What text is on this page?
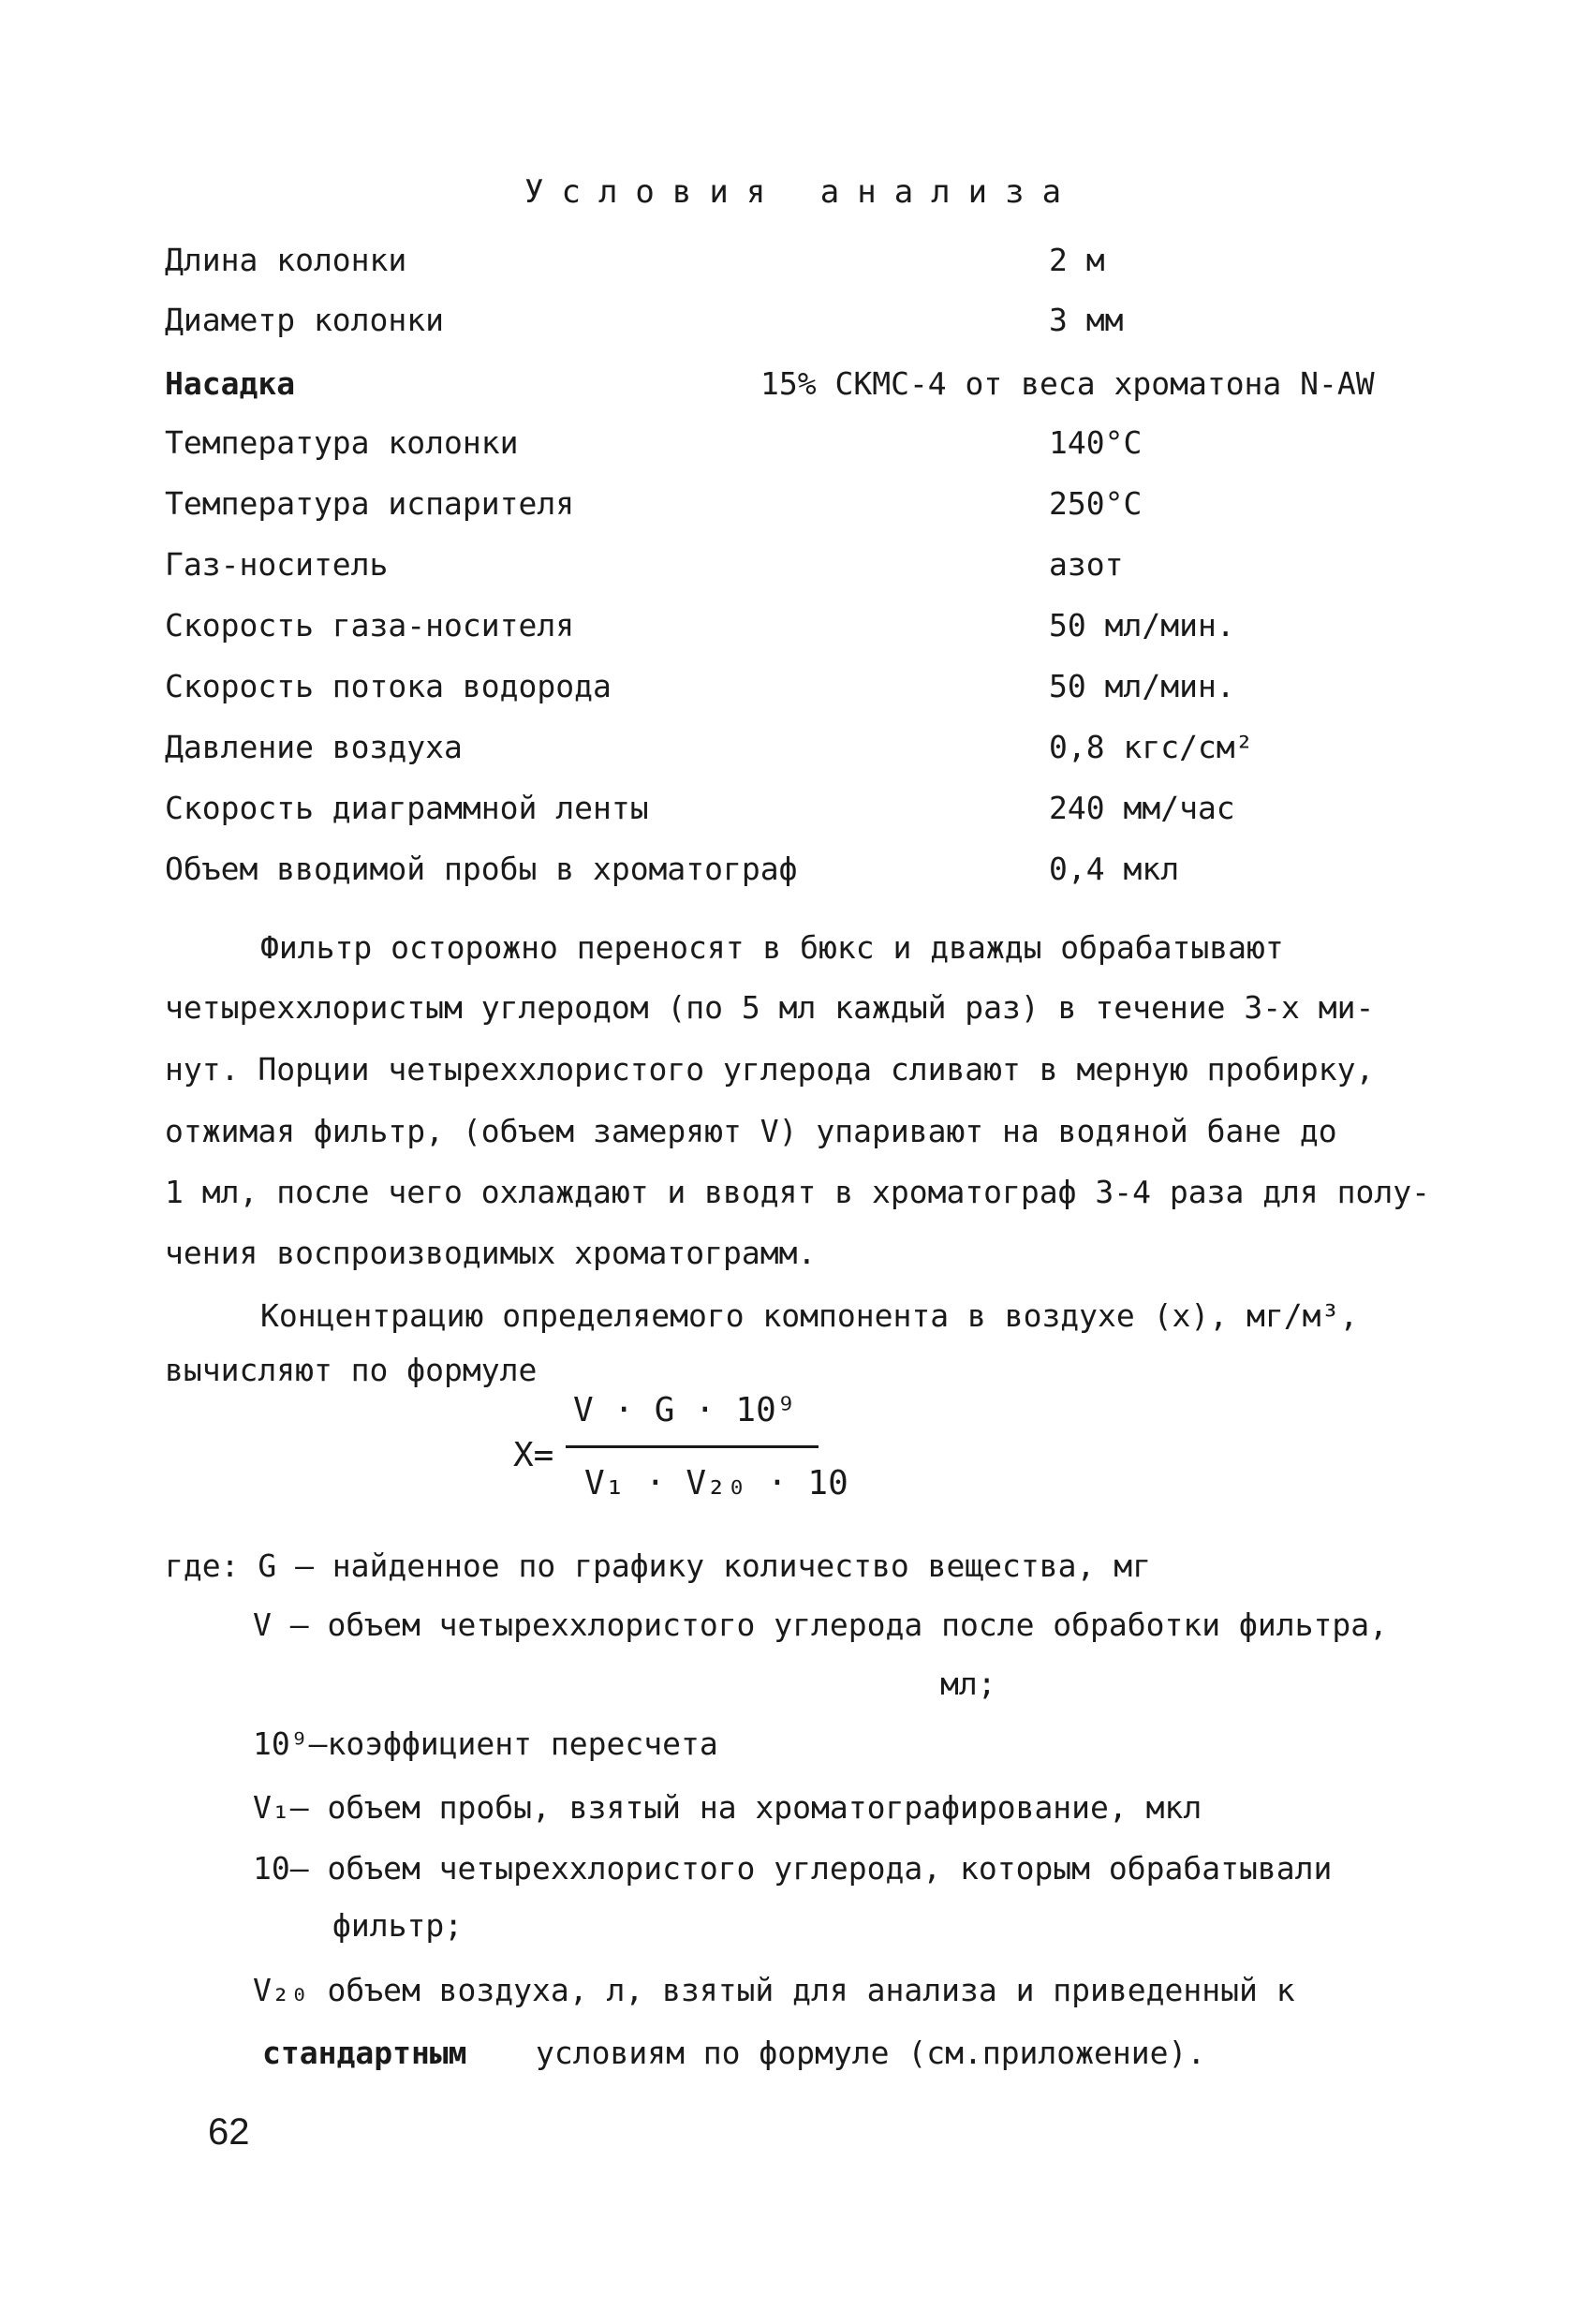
Условия анализа
Длина колонки	2 м
Диаметр колонки	3 мм
Насадка	15% СКМС-4 от веса хроматона N-AW
Температура колонки	140°С
Температура испарителя	250°С
Газ-носитель	азот
Скорость газа-носителя	50 мл/мин.
Скорость потока водорода	50 мл/мин.
Давление воздуха	0,8 кгс/см²
Скорость диаграммной ленты	240 мм/час
Объем вводимой пробы в хроматограф	0,4 мкл
Фильтр осторожно переносят в бюкс и дважды обрабатывают
четыреххлористым углеродом (по 5 мл каждый раз) в течение 3-х ми-
нут. Порции четыреххлористого углерода сливают в мерную пробирку,
отжимая фильтр, (объем замеряют V) упаривают на водяной бане до
1 мл, после чего охлаждают и вводят в хроматограф 3-4 раза для полу-
чения воспроизводимых хроматограмм.
Концентрацию определяемого компонента в воздухе (х), мг/м³,
вычисляют по формуле
X=
V · G · 10⁹
V₁ · V₂₀ · 10
где: G – найденное по графику количество вещества, мг
V – объем четыреххлористого углерода после обработки фильтра,
мл;
10⁹–коэффициент пересчета
V₁– объем пробы, взятый на хроматографирование, мкл
10– объем четыреххлористого углерода, которым обрабатывали
фильтр;
V₂₀ объем воздуха, л, взятый для анализа и приведенный к
стандартным условиям по формуле (см.приложение).
62
